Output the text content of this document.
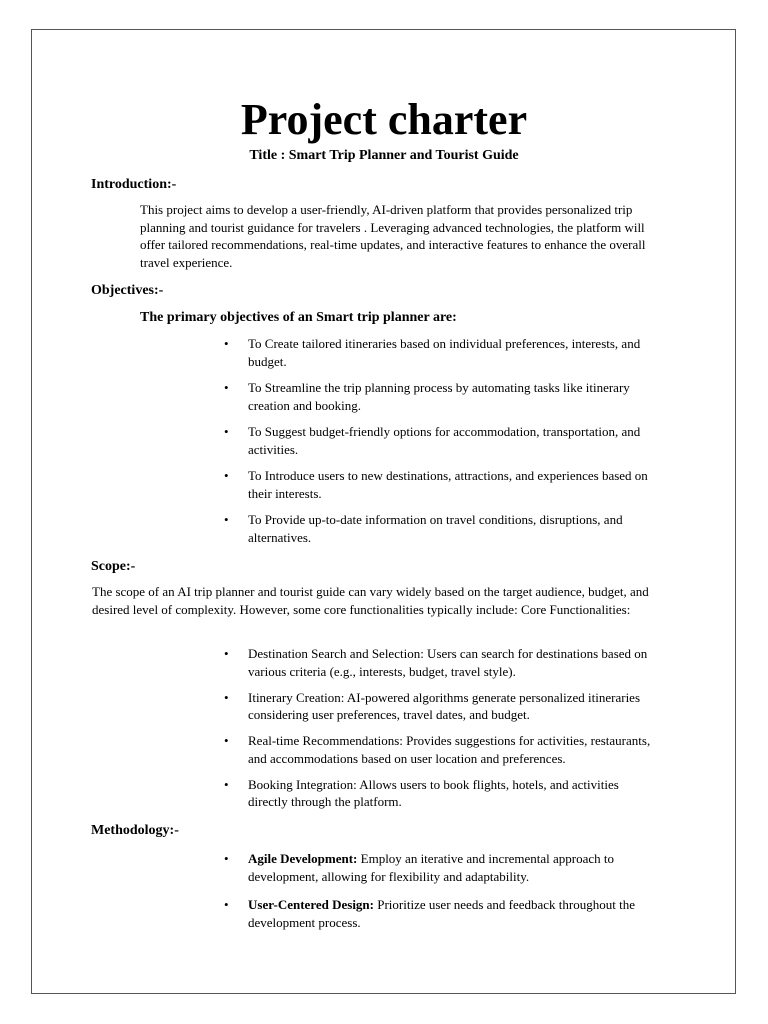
Project charter
Title : Smart Trip Planner and Tourist Guide
Introduction:-
This project aims to develop a user-friendly, AI-driven platform that provides personalized trip planning and tourist guidance for travelers . Leveraging advanced technologies, the platform will offer tailored recommendations, real-time updates, and interactive features to enhance the overall travel experience.
Objectives:-
The primary objectives of an Smart trip planner are:
• To Create tailored itineraries based on individual preferences, interests, and budget.
• To Streamline the trip planning process by automating tasks like itinerary creation and booking.
• To Suggest budget-friendly options for accommodation, transportation, and activities.
• To Introduce users to new destinations, attractions, and experiences based on their interests.
• To Provide up-to-date information on travel conditions, disruptions, and alternatives.
Scope:-
The scope of an AI trip planner and tourist guide can vary widely based on the target audience, budget, and desired level of complexity. However, some core functionalities typically include: Core Functionalities:
• Destination Search and Selection: Users can search for destinations based on various criteria (e.g., interests, budget, travel style).
• Itinerary Creation: AI-powered algorithms generate personalized itineraries considering user preferences, travel dates, and budget.
• Real-time Recommendations: Provides suggestions for activities, restaurants, and accommodations based on user location and preferences.
• Booking Integration: Allows users to book flights, hotels, and activities directly through the platform.
Methodology:-
• Agile Development: Employ an iterative and incremental approach to development, allowing for flexibility and adaptability.
• User-Centered Design: Prioritize user needs and feedback throughout the development process.
